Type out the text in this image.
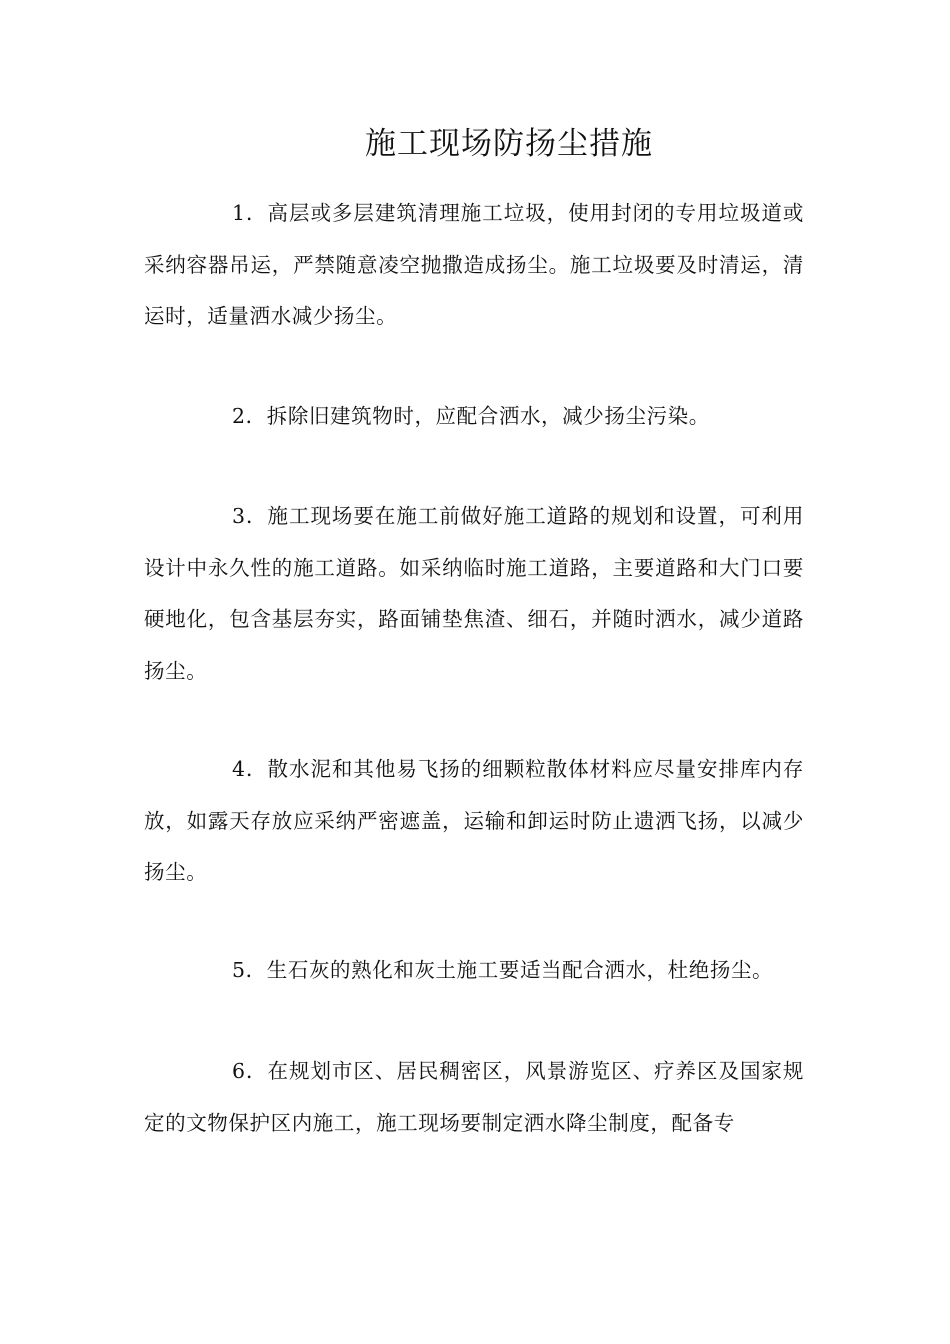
施工现场防扬尘措施

1．高层或多层建筑清理施工垃圾，使用封闭的专用垃圾道或采纳容器吊运，严禁随意凌空抛撒造成扬尘。施工垃圾要及时清运，清运时，适量洒水减少扬尘。

2．拆除旧建筑物时，应配合洒水，减少扬尘污染。

3．施工现场要在施工前做好施工道路的规划和设置，可利用设计中永久性的施工道路。如采纳临时施工道路，主要道路和大门口要硬地化，包含基层夯实，路面铺垫焦渣、细石，并随时洒水，减少道路扬尘。

4．散水泥和其他易飞扬的细颗粒散体材料应尽量安排库内存放，如露天存放应采纳严密遮盖，运输和卸运时防止遗洒飞扬，以减少扬尘。

5．生石灰的熟化和灰土施工要适当配合洒水，杜绝扬尘。

6．在规划市区、居民稠密区，风景游览区、疗养区及国家规定的文物保护区内施工，施工现场要制定洒水降尘制度，配备专
